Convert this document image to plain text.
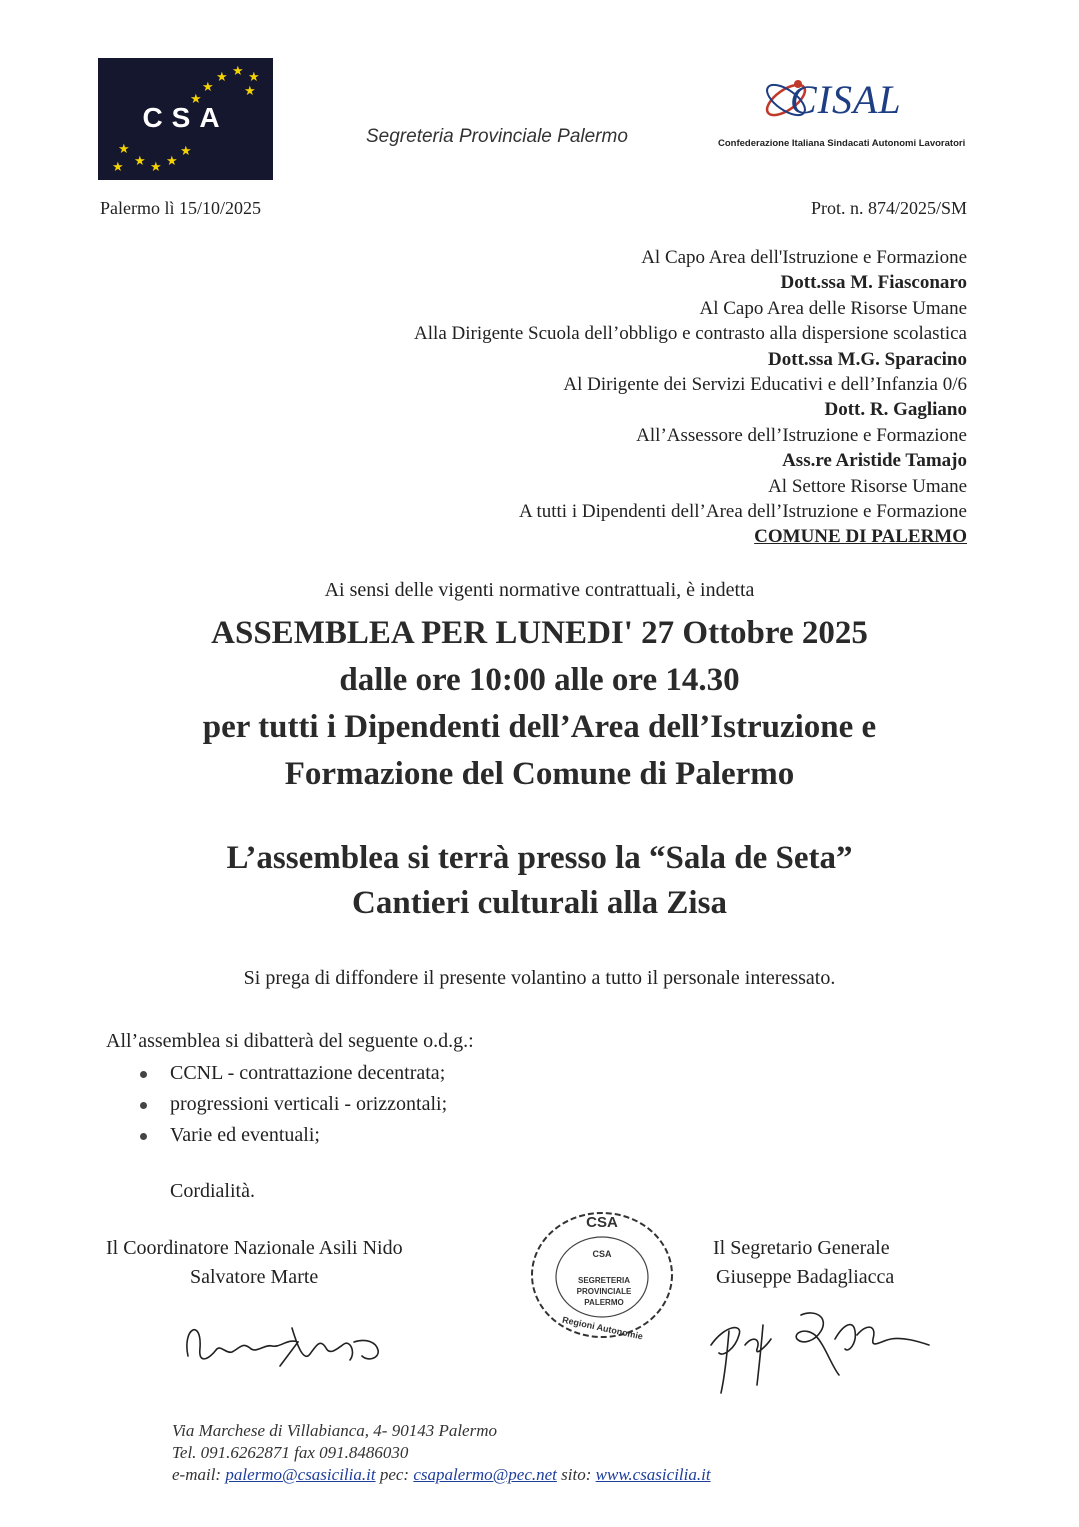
★ ★ ★
★ ★
★
★
★ ★ ★
★
★
CSA
Segreteria Provinciale Palermo
CISAL
Confederazione Italiana Sindacati Autonomi Lavoratori
Palermo lì 15/10/2025	Prot. n. 874/2025/SM
Al Capo Area dell'Istruzione e Formazione
Dott.ssa M. Fiasconaro
Al Capo Area delle Risorse Umane
Alla Dirigente Scuola dell’obbligo e contrasto alla dispersione scolastica
Dott.ssa M.G. Sparacino
Al Dirigente dei Servizi Educativi e dell’Infanzia 0/6
Dott. R. Gagliano
All’Assessore dell’Istruzione e Formazione
Ass.re Aristide Tamajo
Al Settore Risorse Umane
A tutti i Dipendenti dell’Area dell’Istruzione e Formazione
COMUNE DI PALERMO
Ai sensi delle vigenti normative contrattuali, è indetta
ASSEMBLEA PER LUNEDI' 27 Ottobre 2025
dalle ore 10:00 alle ore 14.30
per tutti i Dipendenti dell’Area dell’Istruzione e
Formazione del Comune di Palermo
L’assemblea si terrà presso la “Sala de Seta”
Cantieri culturali alla Zisa
Si prega di diffondere il presente volantino a tutto il personale interessato.
All’assemblea si dibatterà del seguente o.d.g.:
CCNL - contrattazione decentrata;
progressioni verticali - orizzontali;
Varie ed eventuali;
Cordialità.
Il Coordinatore Nazionale Asili Nido
Salvatore Marte
Il Segretario Generale
Giuseppe Badagliacca
CSA
CSA
SEGRETERIA
PROVINCIALE
PALERMO
Regioni Autonomie
Via Marchese di Villabianca, 4- 90143 Palermo
Tel. 091.6262871 fax 091.8486030
e-mail: palermo@csasicilia.it pec: csapalermo@pec.net sito: www.csasicilia.it
